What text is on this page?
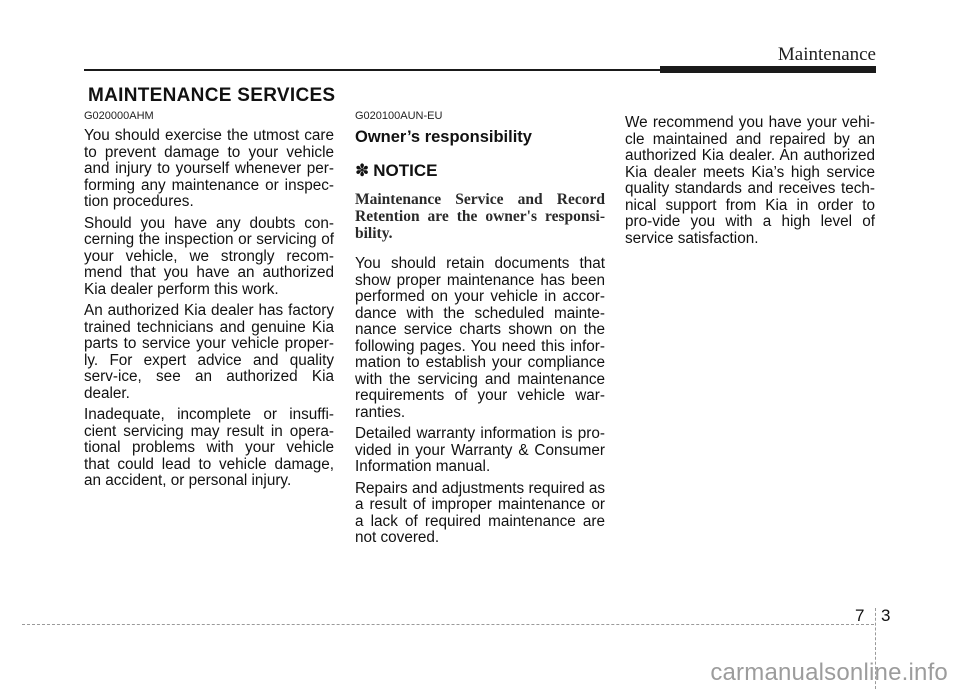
Maintenance
MAINTENANCE SERVICES
G020000AHM

You should exercise the utmost care to prevent damage to your vehicle and injury to yourself whenever per-forming any maintenance or inspec-tion procedures.

Should you have any doubts con-cerning the inspection or servicing of your vehicle, we strongly recom-mend that you have an authorized Kia dealer perform this work.

An authorized Kia dealer has factory trained technicians and genuine Kia parts to service your vehicle proper-ly. For expert advice and quality serv-ice, see an authorized Kia dealer.

Inadequate, incomplete or insuffi-cient servicing may result in opera-tional problems with your vehicle that could lead to vehicle damage, an accident, or personal injury.

G020100AUN-EU
Owner’s responsibility
✽ NOTICE
Maintenance Service and Record Retention are the owner's responsi-bility.

You should retain documents that show proper maintenance has been performed on your vehicle in accor-dance with the scheduled mainte-nance service charts shown on the following pages. You need this infor-mation to establish your compliance with the servicing and maintenance requirements of your vehicle war-ranties.

Detailed warranty information is pro-vided in your Warranty & Consumer Information manual.

Repairs and adjustments required as a result of improper maintenance or a lack of required maintenance are not covered.

We recommend you have your vehi-cle maintained and repaired by an authorized Kia dealer. An authorized Kia dealer meets Kia’s high service quality standards and receives tech-nical support from Kia in order to pro-vide you with a high level of service satisfaction.

7 3
carmanualsonline.info
